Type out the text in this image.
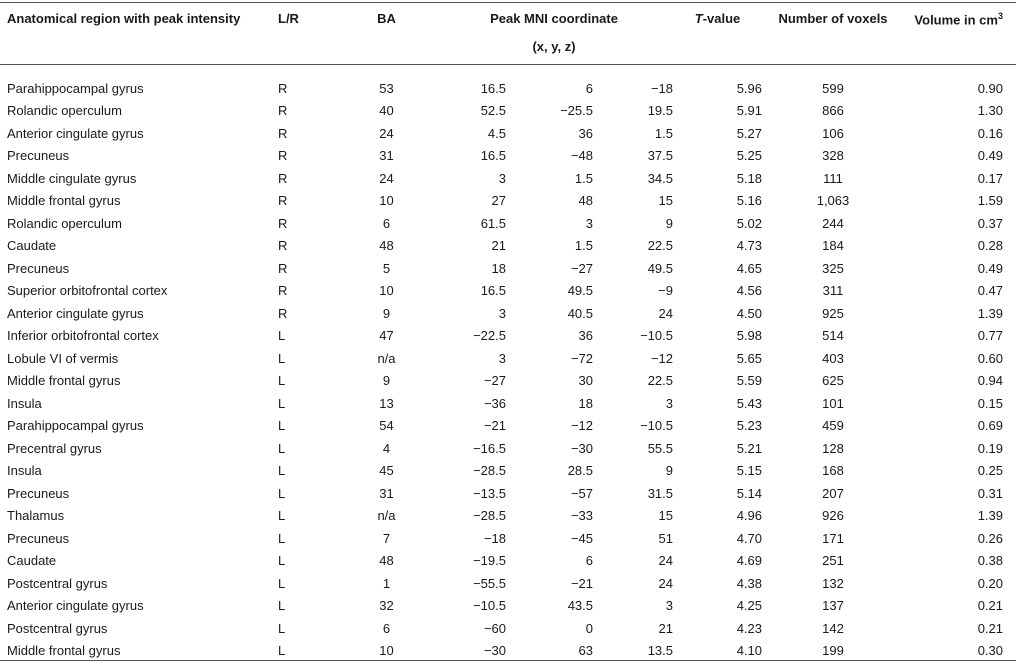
Anatomical region with peak intensity	L/R	BA	Peak MNI coordinate			T-value	Number of voxels	Volume in $cm^3$
			(x, y, z)					

Parahippocampal gyrus	R	53	16.5	6	−18	5.96	599	0.90
Rolandic operculum	R	40	52.5	−25.5	19.5	5.91	866	1.30
Anterior cingulate gyrus	R	24	4.5	36	1.5	5.27	106	0.16
Precuneus	R	31	16.5	−48	37.5	5.25	328	0.49
Middle cingulate gyrus	R	24	3	1.5	34.5	5.18	111	0.17
Middle frontal gyrus	R	10	27	48	15	5.16	1,063	1.59
Rolandic operculum	R	6	61.5	3	9	5.02	244	0.37
Caudate	R	48	21	1.5	22.5	4.73	184	0.28
Precuneus	R	5	18	−27	49.5	4.65	325	0.49
Superior orbitofrontal cortex	R	10	16.5	49.5	−9	4.56	311	0.47
Anterior cingulate gyrus	R	9	3	40.5	24	4.50	925	1.39
Inferior orbitofrontal cortex	L	47	−22.5	36	−10.5	5.98	514	0.77
Lobule VI of vermis	L	n/a	3	−72	−12	5.65	403	0.60
Middle frontal gyrus	L	9	−27	30	22.5	5.59	625	0.94
Insula	L	13	−36	18	3	5.43	101	0.15
Parahippocampal gyrus	L	54	−21	−12	−10.5	5.23	459	0.69
Precentral gyrus	L	4	−16.5	−30	55.5	5.21	128	0.19
Insula	L	45	−28.5	28.5	9	5.15	168	0.25
Precuneus	L	31	−13.5	−57	31.5	5.14	207	0.31
Thalamus	L	n/a	−28.5	−33	15	4.96	926	1.39
Precuneus	L	7	−18	−45	51	4.70	171	0.26
Caudate	L	48	−19.5	6	24	4.69	251	0.38
Postcentral gyrus	L	1	−55.5	−21	24	4.38	132	0.20
Anterior cingulate gyrus	L	32	−10.5	43.5	3	4.25	137	0.21
Postcentral gyrus	L	6	−60	0	21	4.23	142	0.21
Middle frontal gyrus	L	10	−30	63	13.5	4.10	199	0.30
